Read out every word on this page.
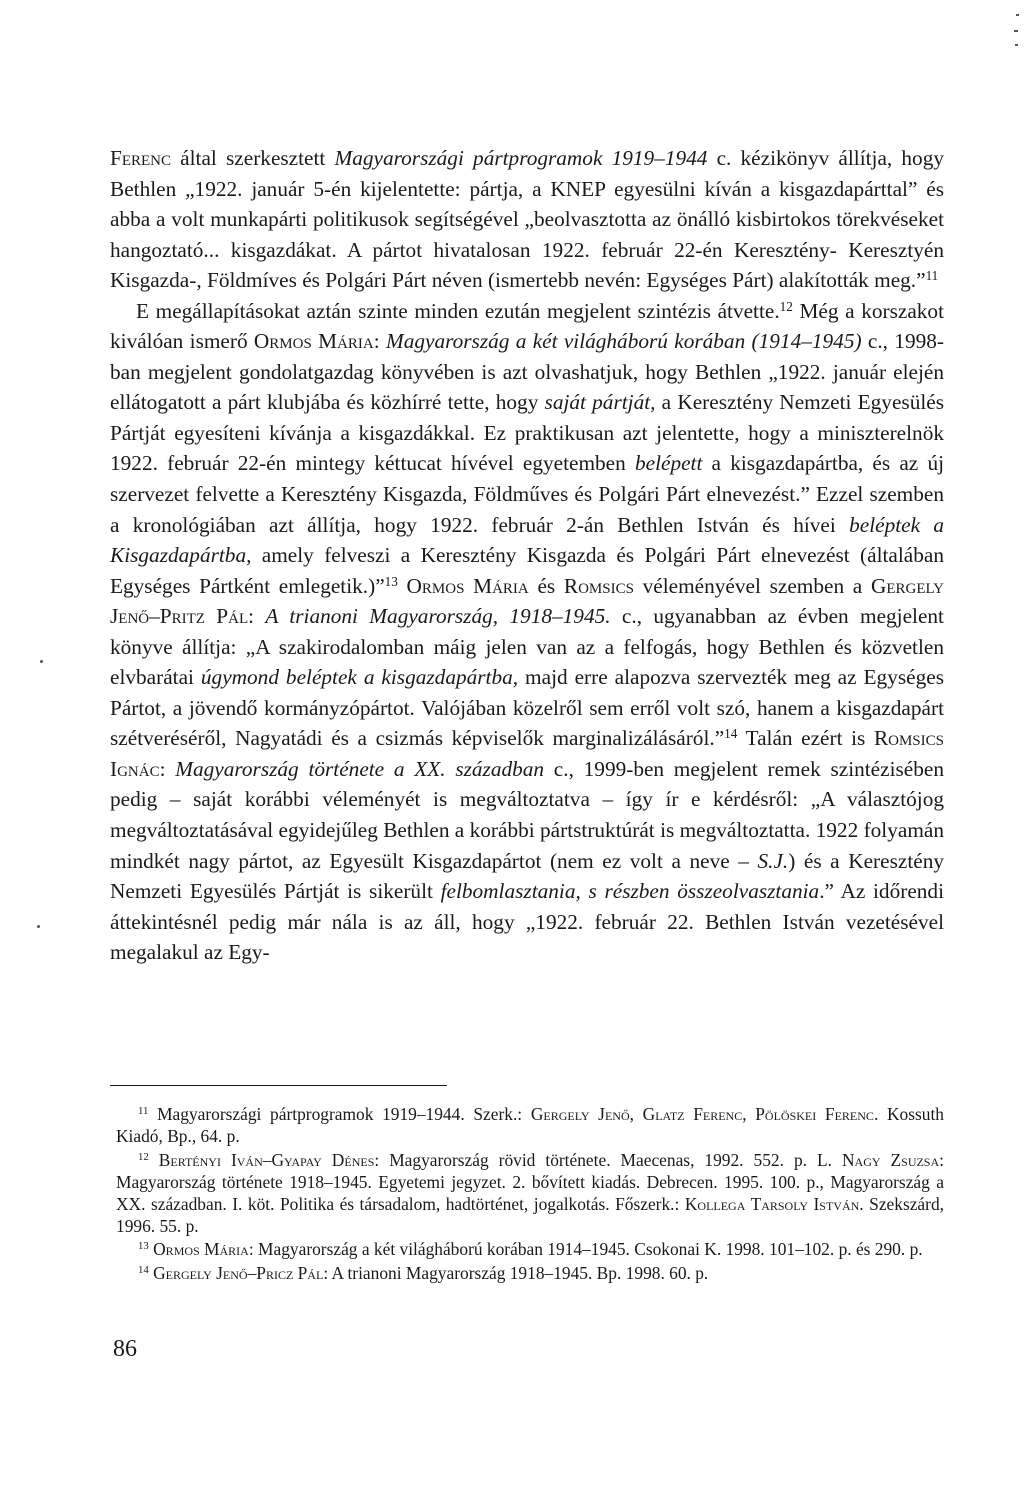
Ferenc által szerkesztett Magyarországi pártprogramok 1919–1944 c. kézikönyv állítja, hogy Bethlen „1922. január 5-én kijelentette: pártja, a KNEP egyesülni kíván a kisgazdapárttal” és abba a volt munkapárti politikusok segítségével „beolvasztotta az önálló kisbirtokos törekvéseket hangoztató... kisgazdákat. A pártot hivatalosan 1922. február 22-én Keresztény- Keresztyén Kisgazda-, Földmíves és Polgári Párt néven (ismertebb nevén: Egységes Párt) alakították meg.”$^{11}$

E megállapításokat aztán szinte minden ezután megjelent szintézis átvette.$^{12}$ Még a korszakot kiválóan ismerő Ormos Mária: Magyarország a két világháború korában (1914–1945) c., 1998-ban megjelent gondolatgazdag könyvében is azt olvashatjuk, hogy Bethlen „1922. január elején ellátogatott a párt klubjába és közhírré tette, hogy saját pártját, a Keresztény Nemzeti Egyesülés Pártját egyesíteni kívánja a kisgazdákkal. Ez praktikusan azt jelentette, hogy a miniszterelnök 1922. február 22-én mintegy kéttucat hívével egyetemben belépett a kisgazdapártba, és az új szervezet felvette a Keresztény Kisgazda, Földműves és Polgári Párt elnevezést.” Ezzel szemben a kronológiában azt állítja, hogy 1922. február 2-án Bethlen István és hívei beléptek a Kisgazdapártba, amely felveszi a Keresztény Kisgazda és Polgári Párt elnevezést (általában Egységes Pártként emlegetik.)”$^{13}$ Ormos Mária és Romsics véleményével szemben a Gergely Jenő–Pritz Pál: A trianoni Magyarország, 1918–1945. c., ugyanabban az évben megjelent könyve állítja: „A szakirodalomban máig jelen van az a felfogás, hogy Bethlen és közvetlen elvbarátai úgymond beléptek a kisgazdapártba, majd erre alapozva szervezték meg az Egységes Pártot, a jövendő kormányzópártot. Valójában közelről sem erről volt szó, hanem a kisgazdapárt szétveréséről, Nagyatádi és a csizmás képviselők marginalizálásáról.”$^{14}$ Talán ezért is Romsics Ignác: Magyarország története a XX. században c., 1999-ben megjelent remek szintézisében pedig – saját korábbi véleményét is megváltoztatva – így ír e kérdésről: „A választójog megváltoztatásával egyidejűleg Bethlen a korábbi pártstruktúrát is megváltoztatta. 1922 folyamán mindkét nagy pártot, az Egyesült Kisgazdapártot (nem ez volt a neve – S.J.) és a Keresztény Nemzeti Egyesülés Pártját is sikerült felbomlasztania, s részben összeolvasztania.” Az időrendi áttekintésnél pedig már nála is az áll, hogy „1922. február 22. Bethlen István vezetésével megalakul az Egy-

$^{11}$ Magyarországi pártprogramok 1919–1944. Szerk.: Gergely Jenő, Glatz Ferenc, Pölöskei Ferenc. Kossuth Kiadó, Bp., 64. p.

$^{12}$ Bertényi Iván–Gyapay Dénes: Magyarország rövid története. Maecenas, 1992. 552. p. L. Nagy Zsuzsa: Magyarország története 1918–1945. Egyetemi jegyzet. 2. bővített kiadás. Debrecen. 1995. 100. p., Magyarország a XX. században. I. köt. Politika és társadalom, hadtörténet, jogalkotás. Főszerk.: Kollega Tarsoly István. Szekszárd, 1996. 55. p.

$^{13}$ Ormos Mária: Magyarország a két világháború korában 1914–1945. Csokonai K. 1998. 101–102. p. és 290. p.

$^{14}$ Gergely Jenő–Pricz Pál: A trianoni Magyarország 1918–1945. Bp. 1998. 60. p.

86
